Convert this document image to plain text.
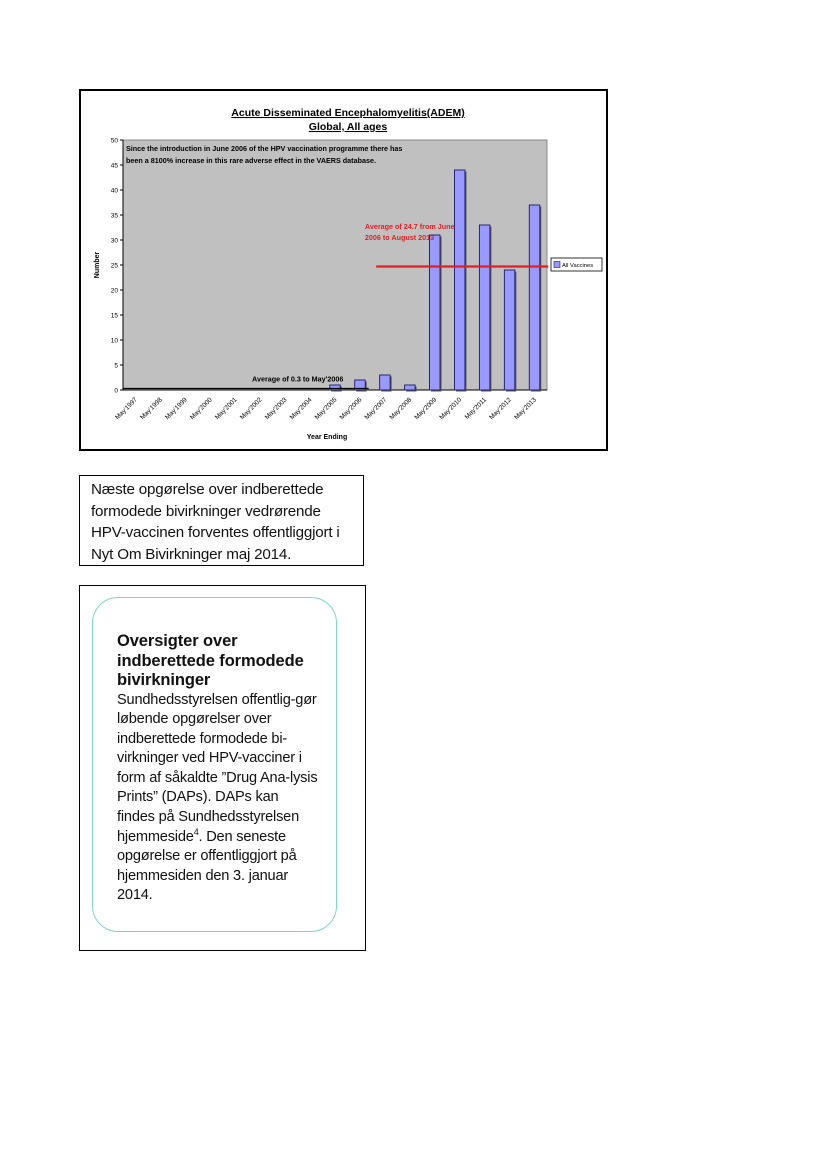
Acute Disseminated Encephalomyelitis(ADEM)
Global, All ages
0
5
10
15
20
25
30
35
40
45
50
May'1997 May'1998 May'1999 May'2000 May'2001 May'2002 May'2003 May'2004 May'2005 May'2006 May'2007 May'2008 May'2009 May'2010 May'2011 May'2012 May'2013
Year Ending
Number
Since the introduction in June 2006 of the HPV vaccination programme there has
been a 8100% increase in this rare adverse effect in the VAERS database.
Average of 0.3 to May'2006
Average of 24.7 from June
2006 to August 2013
All Vaccines
Næste opgørelse over indberettede formodede bivirkninger vedrørende HPV-vaccinen forventes offentliggjort i Nyt Om Bivirkninger maj 2014.

Oversigter over indberettede formodede bivirkninger

Sundhedsstyrelsen offentlig-gør løbende opgørelser over indberettede formodede bi-virkninger ved HPV-vacciner i form af såkaldte ”Drug Ana-lysis Prints” (DAPs). DAPs kan findes på Sundhedsstyrelsen hjemmeside$^4$. Den seneste opgørelse er offentliggjort på hjemmesiden den 3. januar 2014.
